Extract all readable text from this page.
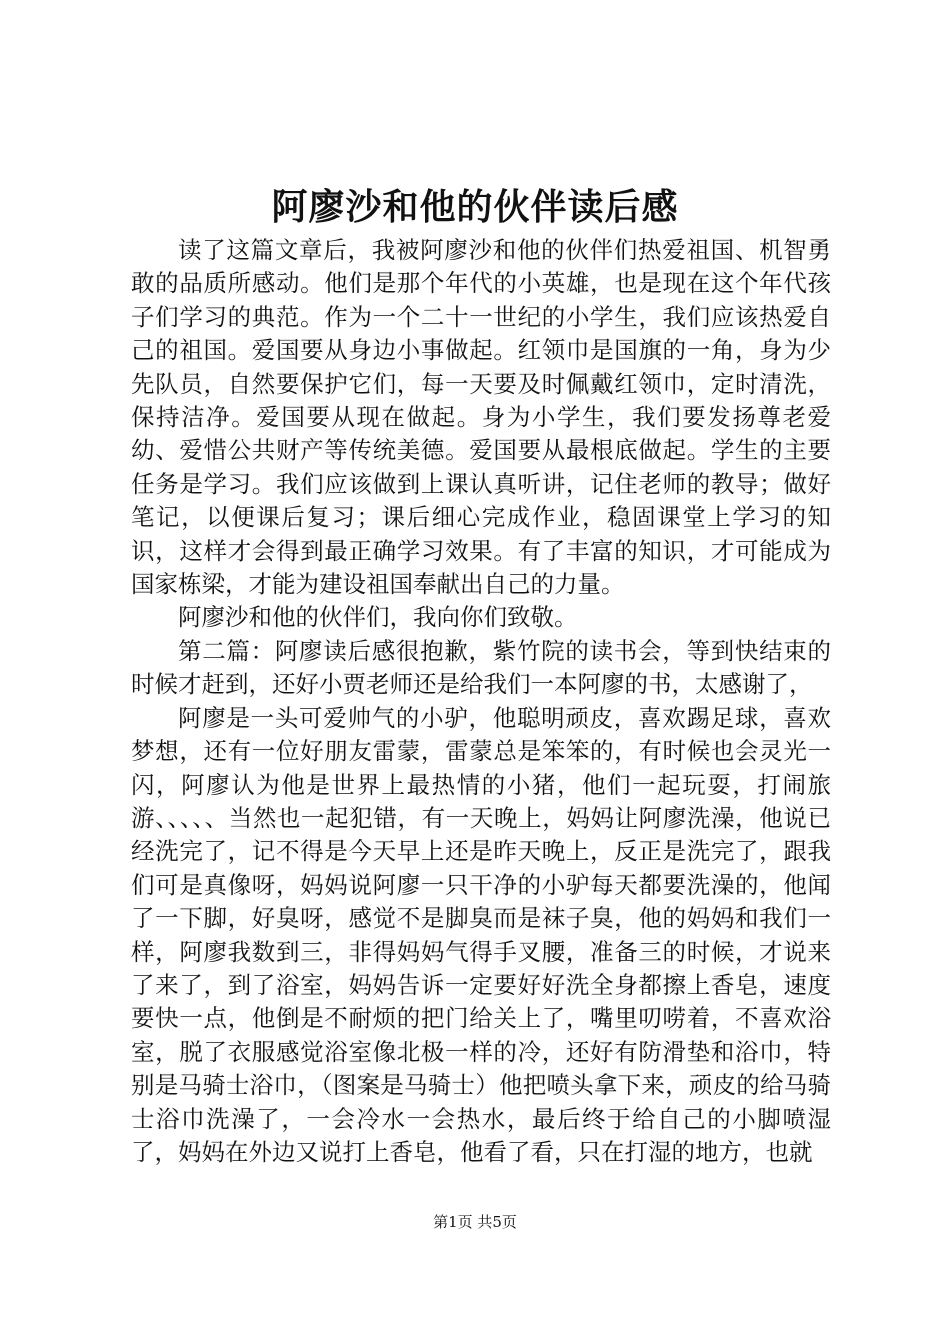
阿廖沙和他的伙伴读后感

读了这篇文章后，我被阿廖沙和他的伙伴们热爱祖国、机智勇敢的品质所感动。他们是那个年代的小英雄，也是现在这个年代孩子们学习的典范。作为一个二十一世纪的小学生，我们应该热爱自己的祖国。爱国要从身边小事做起。红领巾是国旗的一角，身为少先队员，自然要保护它们，每一天要及时佩戴红领巾，定时清洗，保持洁净。爱国要从现在做起。身为小学生，我们要发扬尊老爱幼、爱惜公共财产等传统美德。爱国要从最根底做起。学生的主要任务是学习。我们应该做到上课认真听讲，记住老师的教导；做好笔记，以便课后复习；课后细心完成作业，稳固课堂上学习的知识，这样才会得到最正确学习效果。有了丰富的知识，才可能成为国家栋梁，才能为建设祖国奉献出自己的力量。

阿廖沙和他的伙伴们，我向你们致敬。

第二篇：阿廖读后感很抱歉，紫竹院的读书会，等到快结束的时候才赶到，还好小贾老师还是给我们一本阿廖的书，太感谢了，

阿廖是一头可爱帅气的小驴，他聪明顽皮，喜欢踢足球，喜欢梦想，还有一位好朋友雷蒙，雷蒙总是笨笨的，有时候也会灵光一闪，阿廖认为他是世界上最热情的小猪，他们一起玩耍，打闹旅游、、、、、当然也一起犯错，有一天晚上，妈妈让阿廖洗澡，他说已经洗完了，记不得是今天早上还是昨天晚上，反正是洗完了，跟我们可是真像呀，妈妈说阿廖一只干净的小驴每天都要洗澡的，他闻了一下脚，好臭呀，感觉不是脚臭而是袜子臭，他的妈妈和我们一样，阿廖我数到三，非得妈妈气得手叉腰，准备三的时候，才说来了来了，到了浴室，妈妈告诉一定要好好洗全身都擦上香皂，速度要快一点，他倒是不耐烦的把门给关上了，嘴里叨唠着，不喜欢浴室，脱了衣服感觉浴室像北极一样的冷，还好有防滑垫和浴巾，特别是马骑士浴巾，（图案是马骑士）他把喷头拿下来，顽皮的给马骑士浴巾洗澡了，一会冷水一会热水，最后终于给自己的小脚喷湿了，妈妈在外边又说打上香皂，他看了看，只在打湿的地方，也就

第1页 共5页
